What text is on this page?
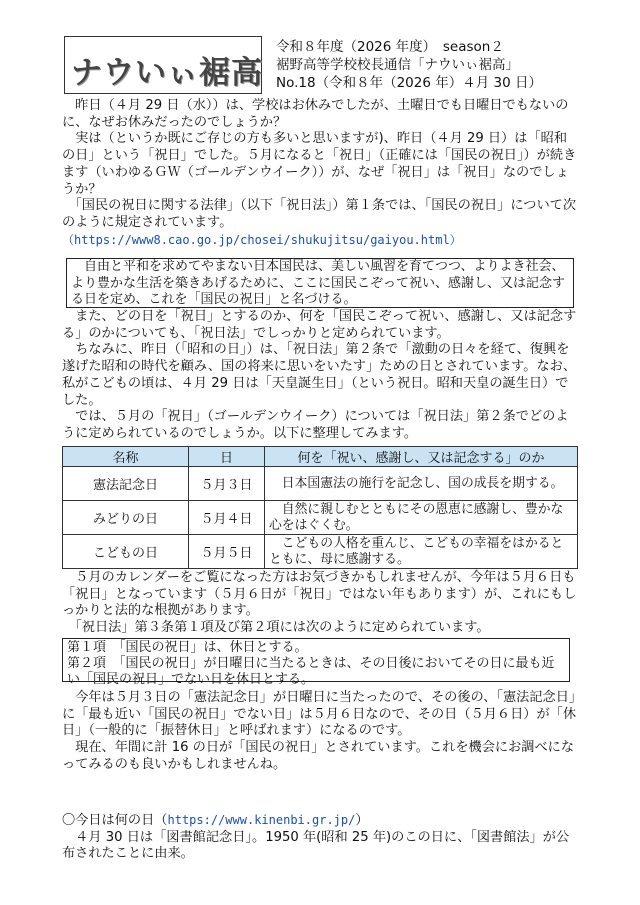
ナウいぃ裾高
令和８年度（2026 年度）　season２
裾野高等学校校長通信「ナウいぃ裾高」
No.18（令和８年（2026 年）４月 30 日）

　昨日（４月 29 日（水））は、学校はお休みでしたが、土曜日でも日曜日でもないのに、なぜお休みだったのでしょうか？

　実は（というか既にご存じの方も多いと思いますが)、昨日（４月 29 日）は「昭和の日」という「祝日」でした。５月になると「祝日」（正確には「国民の祝日」）が続きます（いわゆるＧＷ（ゴールデンウイーク））が、なぜ「祝日」は「祝日」なのでしょうか？

　「国民の祝日に関する法律」（以下「祝日法」）第１条では、「国民の祝日」について次のように規定されています。

（https://www8.cao.go.jp/chosei/shukujitsu/gaiyou.html）

　自由と平和を求めてやまない日本国民は、美しい風習を育てつつ、よりよき社会、より豊かな生活を築きあげるために、ここに国民こぞって祝い、感謝し、又は記念する日を定め、これを「国民の祝日」と名づける。

　また、どの日を「祝日」とするのか、何を「国民こぞって祝い、感謝し、又は記念する」のかについても、「祝日法」でしっかりと定められています。

　ちなみに、昨日（「昭和の日」）は、「祝日法」第２条で「激動の日々を経て、復興を遂げた昭和の時代を顧み、国の将来に思いをいたす」ための日とされています。なお、私がこどもの頃は、４月 29 日は「天皇誕生日」（という祝日。昭和天皇の誕生日）でした。

　では、５月の「祝日」（ゴールデンウイーク）については「祝日法」第２条でどのように定められているのでしょうか。以下に整理してみます。

名称	日	何を「祝い、感謝し、又は記念する」のか
憲法記念日	５月３日	　日本国憲法の施行を記念し、国の成長を期する。
みどりの日	５月４日	　自然に親しむとともにその恩恵に感謝し、豊かな心をはぐくむ。
こどもの日	５月５日	　こどもの人格を重んじ、こどもの幸福をはかるとともに、母に感謝する。

　５月のカレンダーをご覧になった方はお気づきかもしれませんが、今年は５月６日も「祝日」となっています（５月６日が「祝日」ではない年もあります）が、これにもしっかりと法的な根拠があります。

　「祝日法」第３条第１項及び第２項には次のように定められています。

第１項　「国民の祝日」は、休日とする。
第２項　「国民の祝日」が日曜日に当たるときは、その日後においてその日に最も近い「国民の祝日」でない日を休日とする。

　今年は５月３日の「憲法記念日」が日曜日に当たったので、その後の、「憲法記念日」に「最も近い「国民の祝日」でない日」は５月６日なので、その日（５月６日）が「休日」（一般的に「振替休日」と呼ばれます）になるのです。

　現在、年間に計 16 の日が「国民の祝日」とされています。これを機会にお調べになってみるのも良いかもしれませんね。

〇今日は何の日（https://www.kinenbi.gr.jp/）

　４月 30 日は「図書館記念日」。1950 年(昭和 25 年)のこの日に、「図書館法」が公布されたことに由来。
